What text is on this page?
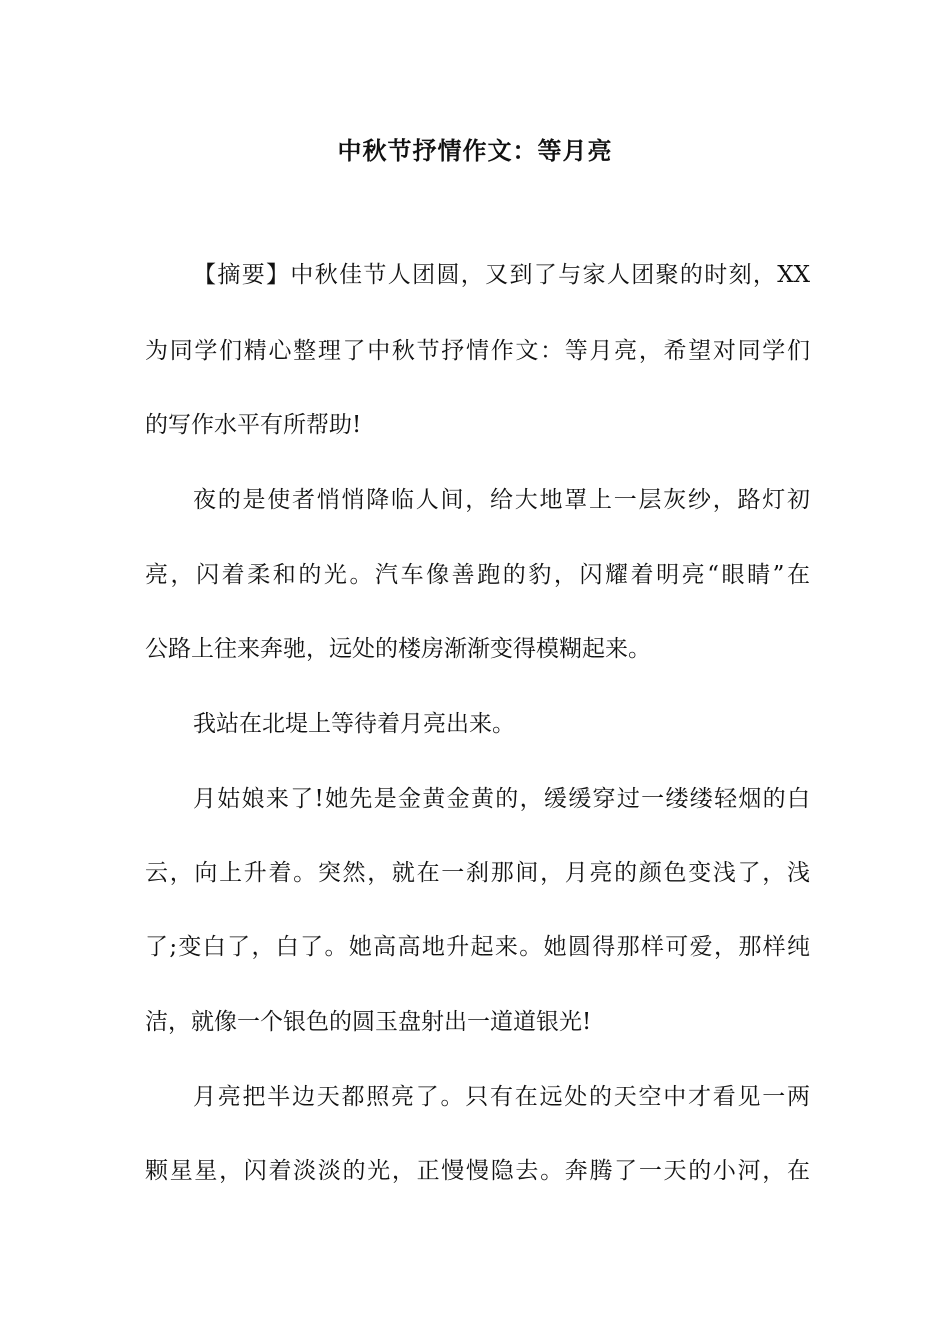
中秋节抒情作文：等月亮
【摘要】中秋佳节人团圆，又到了与家人团聚的时刻，XX
为同学们精心整理了中秋节抒情作文：等月亮，希望对同学们
的写作水平有所帮助!
夜的是使者悄悄降临人间，给大地罩上一层灰纱，路灯初
亮，闪着柔和的光。汽车像善跑的豹，闪耀着明亮“眼睛”在
公路上往来奔驰，远处的楼房渐渐变得模糊起来。
我站在北堤上等待着月亮出来。
月姑娘来了!她先是金黄金黄的，缓缓穿过一缕缕轻烟的白
云，向上升着。突然，就在一刹那间，月亮的颜色变浅了，浅
了;变白了，白了。她高高地升起来。她圆得那样可爱，那样纯
洁，就像一个银色的圆玉盘射出一道道银光!
月亮把半边天都照亮了。只有在远处的天空中才看见一两
颗星星，闪着淡淡的光，正慢慢隐去。奔腾了一天的小河，在
